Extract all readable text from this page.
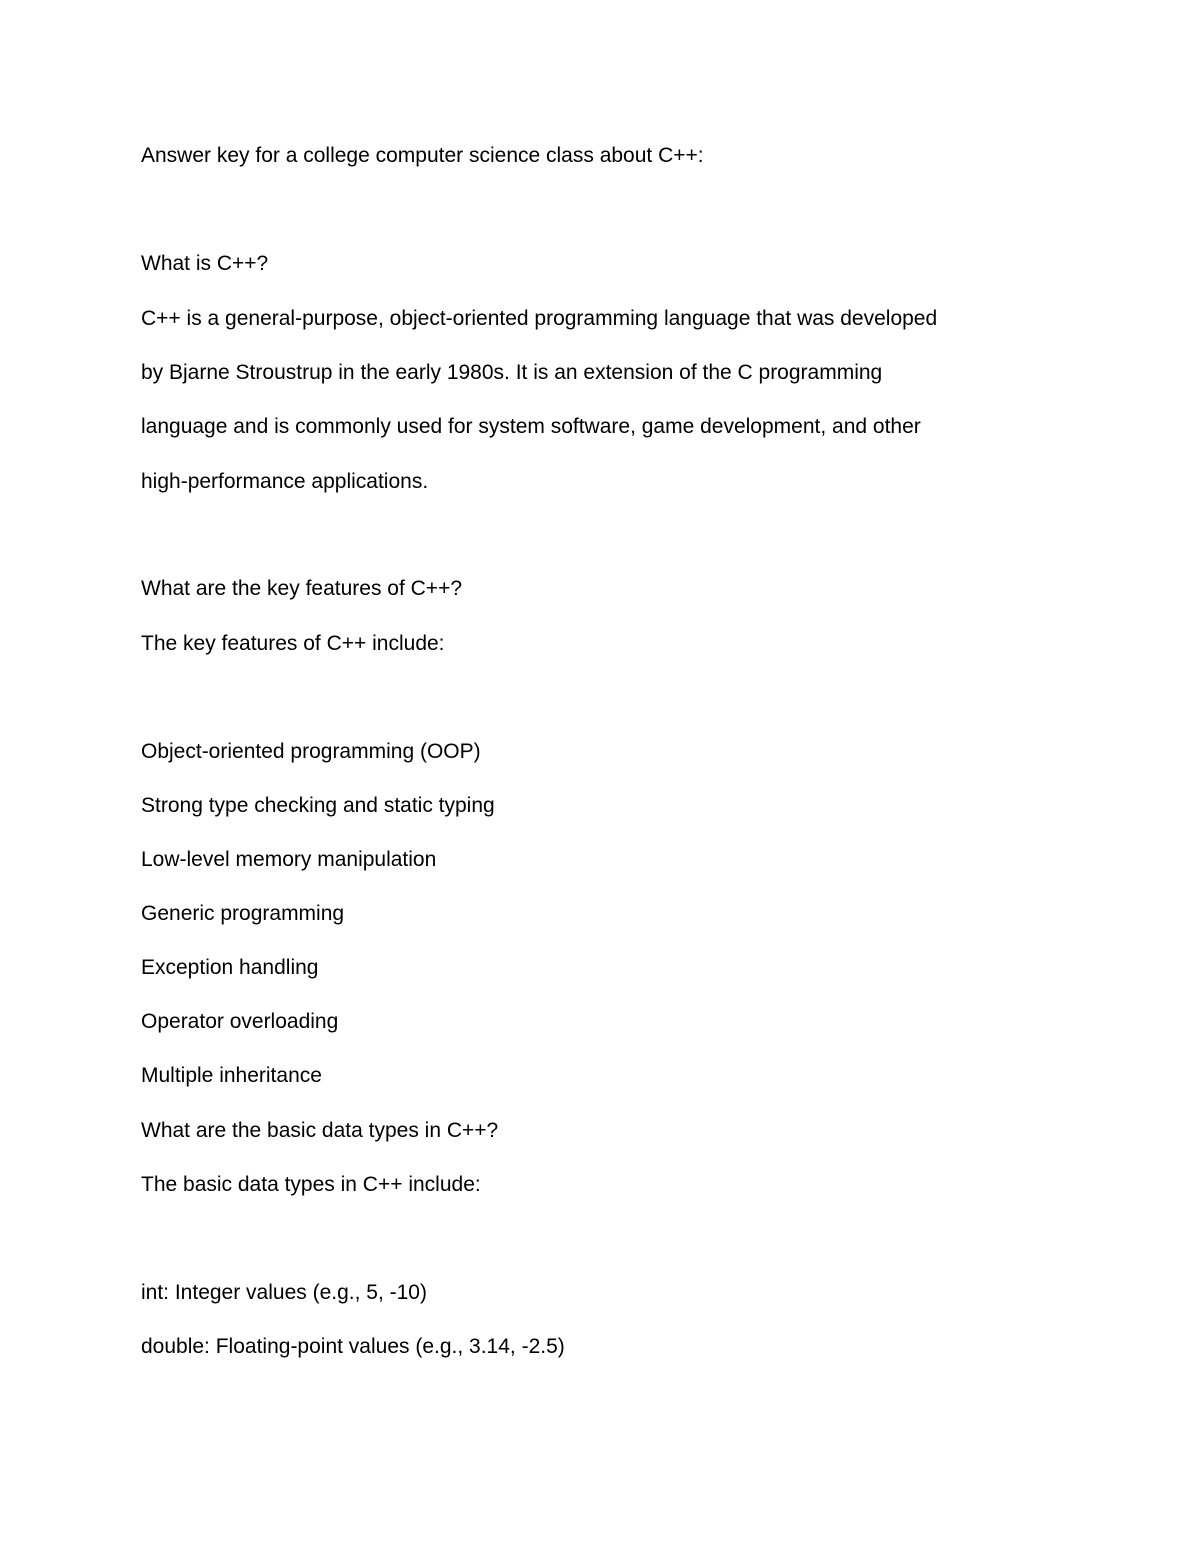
Answer key for a college computer science class about C++:

What is C++?

C++ is a general-purpose, object-oriented programming language that was developed

by Bjarne Stroustrup in the early 1980s. It is an extension of the C programming

language and is commonly used for system software, game development, and other

high-performance applications.

What are the key features of C++?

The key features of C++ include:

Object-oriented programming (OOP)

Strong type checking and static typing

Low-level memory manipulation

Generic programming

Exception handling

Operator overloading

Multiple inheritance

What are the basic data types in C++?

The basic data types in C++ include:

int: Integer values (e.g., 5, -10)

double: Floating-point values (e.g., 3.14, -2.5)
